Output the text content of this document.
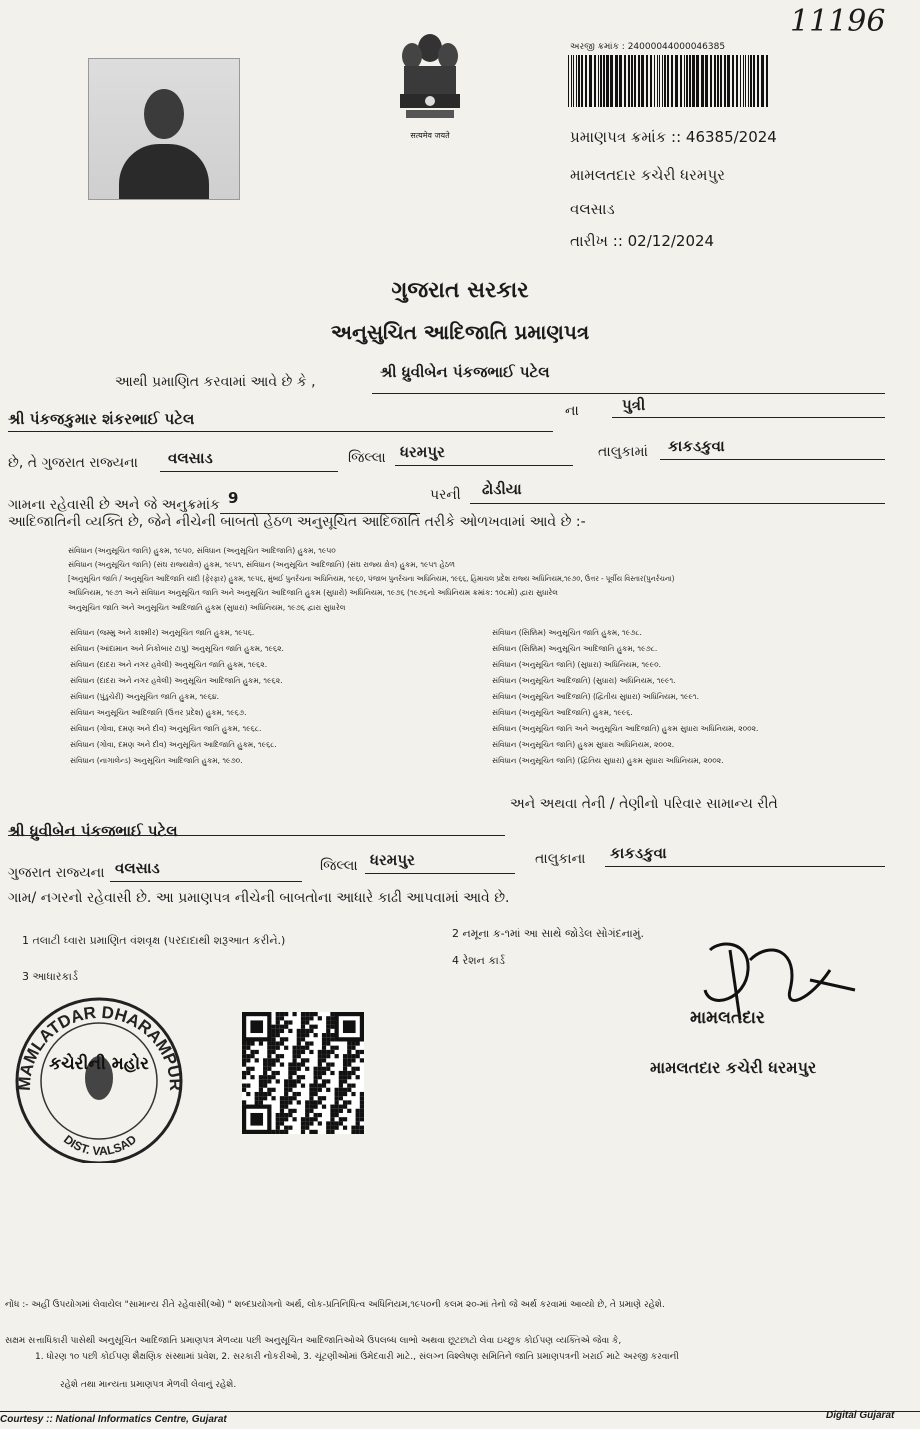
सत्यमेव जयते
11196
અરજી ક્રમાંક : 24000044000046385
પ્રમાણપત્ર ક્રમાંક :: 46385/2024
મામલતદાર કચેરી ધરમપુર
વલસાડ
તારીખ :: 02/12/2024
ગુજરાત સરકાર
અનુસુચિત આદિજાતિ પ્રમાણપત્ર
આથી પ્રમાણિત કરવામાં આવે છે કે ,
શ્રી ધ્રુવીબેન પંકજભાઈ પટેલ
શ્રી પંકજકુમાર શંકરભાઈ પટેલ	ના	પુત્રી
છે, તે ગુજરાત રાજ્યના વલસાડ	જિલ્લા ધરમપુર	તાલુકામાં કાકડકુવા
ગામના રહેવાસી છે અને જે અનુક્રમાંક 9	પરની ઢોડીયા
આદિજાતિની વ્યક્તિ છે, જેને નીચેની બાબતો હેઠળ અનુસૂચિત આદિજાતિ તરીકે ઓળખવામાં આવે છે :-
સંવિધાન (અનુસૂચિત જાતિ) હુકમ, ૧૯૫૦, સંવિધાન (અનુસૂચિત આદિજાતિ) હુકમ, ૧૯૫૦
સંવિધાન (અનુસૂચિત જાતિ) (સંઘ રાજ્યક્ષેત્ર) હુકમ, ૧૯૫૧, સંવિધાન (અનુસૂચિત આદિજાતિ) (સંઘ રાજ્ય ક્ષેત્ર) હુકમ, ૧૯૫૧ હેઠળ
[અનુસૂચિત જાતિ / અનુસૂચિત આદિજાતિ યાદી (ફેરફાર) હુકમ, ૧૯૫૬, મુંબઈ પુનર્રચના અધિનિયમ, ૧૯૬૦, પંજાબ પુનર્રચના અધિનિયમ, ૧૯૬૬, હિમાચલ પ્રદેશ રાજ્ય અધિનિયમ,૧૯૭૦, ઉત્તર - પૂર્વીય વિસ્તાર(પુનર્રચના)
અધિનિયમ, ૧૯૭૧ અને સંવિધાન અનુસૂચિત જાતિ અને અનુસૂચિત આદિજાતિ હુકમ (સુધારો) અધિનિયમ, ૧૯૭૬ (૧૯૭૬નો અધિનિયમ ક્રમાંક: ૧૦૮મો) દ્વારા સુધારેલ
અનુસૂચિત જાતિ અને અનુસૂચિત આદિજાતિ હુકમ (સુધારા) અધિનિયમ, ૧૯૭૬ દ્વારા સુધારેલ
સંવિધાન (જમ્મુ અને કાશ્મીર) અનુસૂચિત જાતિ હુકમ, ૧૯૫૬.
સંવિધાન (આંદામાન અને નિકોબાર ટાપુ) અનુસૂચિત જાતિ હુકમ, ૧૯૬૨.
સંવિધાન (દાદરા અને નગર હવેલી) અનુસૂચિત જાતિ હુકમ, ૧૯૬૨.
સંવિધાન (દાદરા અને નગર હવેલી) અનુસૂચિત આદિજાતિ હુકમ, ૧૯૬૨.
સંવિધાન (પુંડુચેરી) અનુસૂચિત જાતિ હુકમ, ૧૯૬૪.
સંવિધાન અનુસૂચિત આદિજાતિ (ઉત્તર પ્રદેશ) હુકમ, ૧૯૬૭.
સંવિધાન (ગોવા, દમણ અને દીવ) અનુસૂચિત જાતિ હુકમ, ૧૯૬૮.
સંવિધાન (ગોવા, દમણ અને દીવ) અનુસૂચિત આદિજાતિ હુકમ, ૧૯૬૮.
સંવિધાન (નાગાલેન્ડ) અનુસૂચિત આદિજાતિ હુકમ, ૧૯૭૦.
સંવિધાન (સિક્કિમ) અનુસૂચિત જાતિ હુકમ, ૧૯૭૮.
સંવિધાન (સિક્કિમ) અનુસૂચિત આદિજાતિ હુકમ, ૧૯૭૮.
સંવિધાન (અનુસૂચિત જાતિ) (સુધારા) અધિનિયમ, ૧૯૯૦.
સંવિધાન (અનુસૂચિત આદિજાતિ) (સુધારા) અધિનિયમ, ૧૯૯૧.
સંવિધાન (અનુસૂચિત આદિજાતિ) (દ્વિતીય સુધારા) અધિનિયમ, ૧૯૯૧.
સંવિધાન (અનુસૂચિત આદિજાતિ) હુકમ, ૧૯૯૬.
સંવિધાન (અનુસૂચિત જાતિ અને અનુસૂચિત આદિજાતિ) હુકમ સુધારા અધિનિયમ, ૨૦૦૨.
સંવિધાન (અનુસૂચિત જાતિ) હુકમ સુધારા અધિનિયમ, ૨૦૦૨.
સંવિધાન (અનુસૂચિત જાતિ) (દ્વિતિય સુધારા) હુકમ સુધારા અધિનિયમ, ૨૦૦૨.
અને અથવા તેની / તેણીનો પરિવાર સામાન્ય રીતે
શ્રી ધ્રુવીબેન પંકજભાઈ પટેલ
ગુજરાત રાજ્યના વલસાડ	જિલ્લા ધરમપુર	તાલુકાના કાકડકુવા
ગામ/ નગરનો રહેવાસી છે. આ પ્રમાણપત્ર નીચેની બાબતોના આધારે કાઢી આપવામાં આવે છે.
1 તલાટી ધ્વારા પ્રમાણિત વંશવૃક્ષ (પરદાદાથી શરૂઆત કરીને.)
2 નમૂના ક-૧માં આ સાથે જોડેલ સોગંદનામું.
3 આધારકાર્ડ
4 રેશન કાર્ડ
MAMLATDAR DHARAMPUR
DIST. VALSAD
કચેરીની મહોર
મામલતદાર
મામલતદાર કચેરી ધરમપુર
નોંધ :- અહીં ઉપયોગમાં લેવાયેલ "સામાન્ય રીતે રહેવાસી(ઓ) " શબ્દપ્રયોગનો અર્થ, લોક-પ્રતિનિધિત્વ અધિનિયમ,૧૯૫૦ની કલમ ૨૦-માં તેનો જે અર્થ કરવામાં આવ્યો છે, તે પ્રમાણે રહેશે.
સક્ષમ સત્તાધિકારી પાસેથી અનુસૂચિત આદિજાતિ પ્રમાણપત્ર મેળવ્યા પછી અનુસૂચિત આદિજાતિઓએ ઉપલબ્ધ લાભો અથવા છૂટછાટો લેવા ઇચ્છુક કોઈપણ વ્યક્તિએ જેવા કે,
1. ધોરણ ૧૦ પછી કોઈપણ શૈક્ષણિક સંસ્થામાં પ્રવેશ, 2. સરકારી નોકરીઓ, 3. ચૂંટણીઓમાં ઉમેદવારી માટે., સંલગ્ન વિશ્લેષણ સમિતિને જાતિ પ્રમાણપત્રની ખરાઈ માટે અરજી કરવાની
રહેશે તથા માન્યતા પ્રમાણપત્ર મેળવી લેવાનું રહેશે.
Courtesy :: National Informatics Centre, Gujarat	Digital Gujarat
